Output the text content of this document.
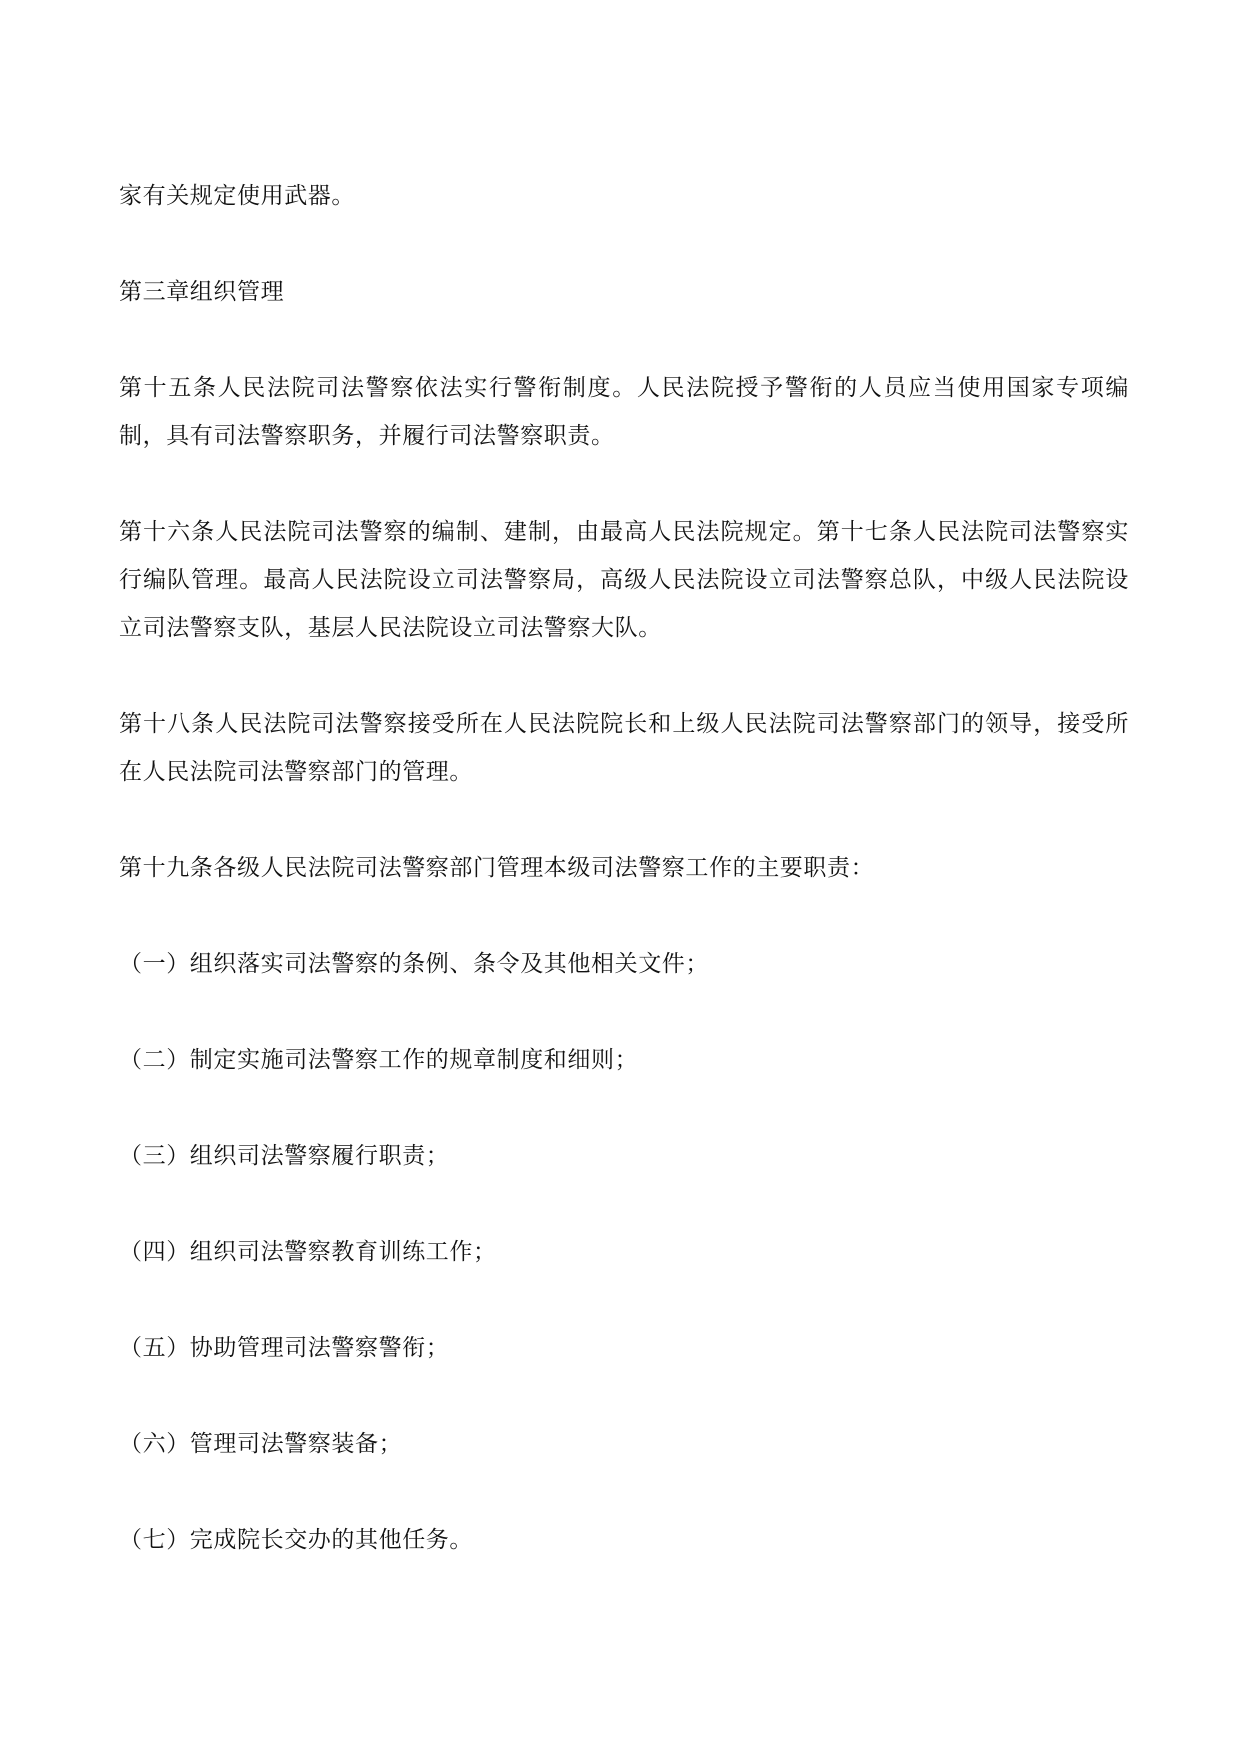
家有关规定使用武器。

第三章组织管理

第十五条人民法院司法警察依法实行警衔制度。人民法院授予警衔的人员应当使用国家专项编制，具有司法警察职务，并履行司法警察职责。

第十六条人民法院司法警察的编制、建制，由最高人民法院规定。第十七条人民法院司法警察实行编队管理。最高人民法院设立司法警察局，高级人民法院设立司法警察总队，中级人民法院设立司法警察支队，基层人民法院设立司法警察大队。

第十八条人民法院司法警察接受所在人民法院院长和上级人民法院司法警察部门的领导，接受所在人民法院司法警察部门的管理。

第十九条各级人民法院司法警察部门管理本级司法警察工作的主要职责：

（一）组织落实司法警察的条例、条令及其他相关文件；

（二）制定实施司法警察工作的规章制度和细则；

（三）组织司法警察履行职责；

（四）组织司法警察教育训练工作；

（五）协助管理司法警察警衔；

（六）管理司法警察装备；

（七）完成院长交办的其他任务。
